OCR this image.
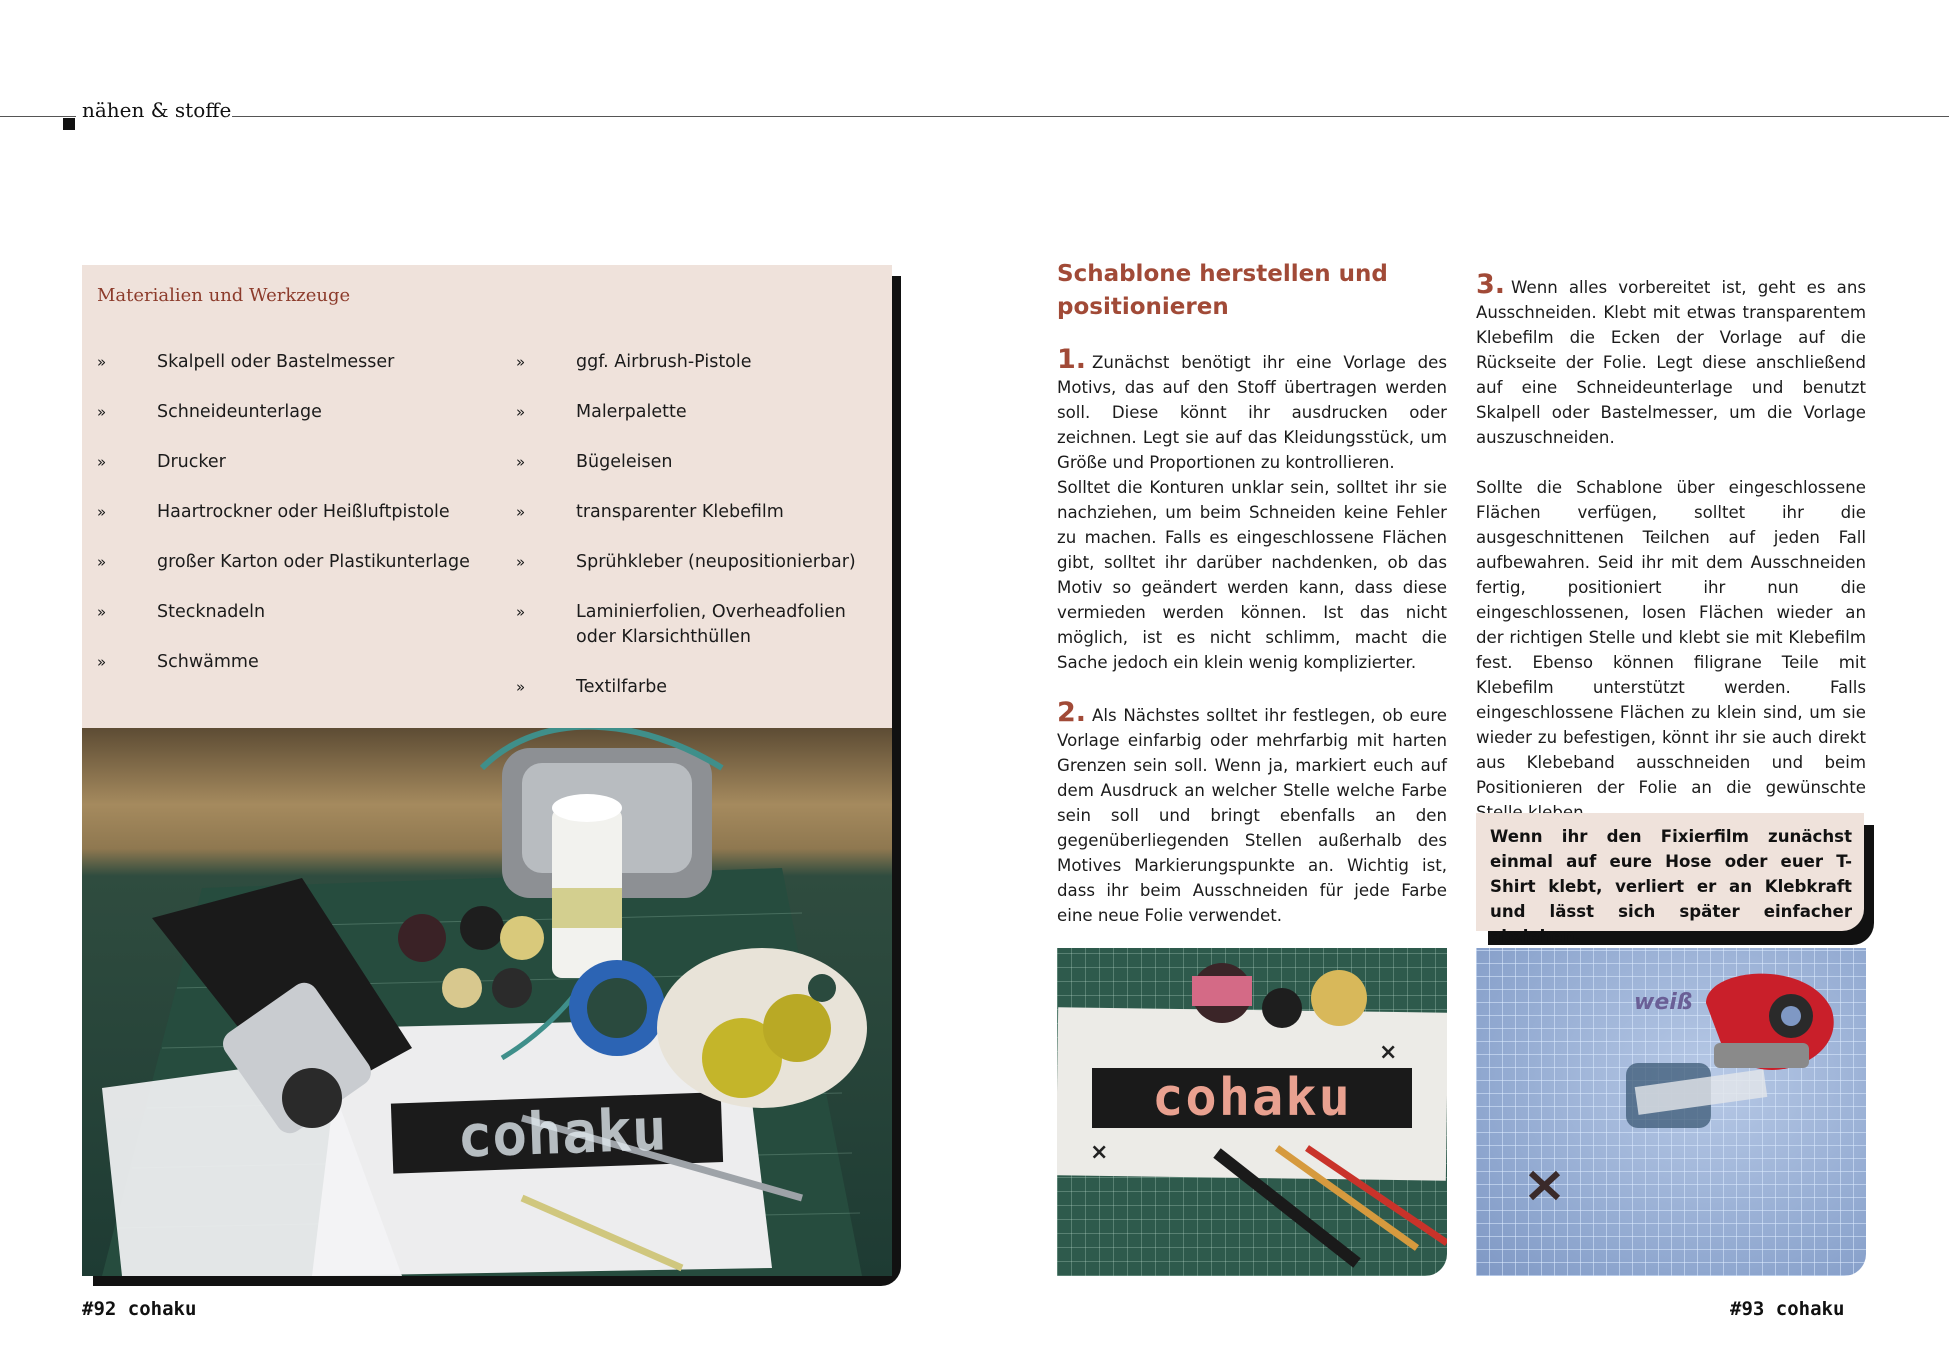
nähen & stoffe
Materialien und Werkzeuge
»	Skalpell oder Bastelmesser
»	Schneideunterlage
»	Drucker
»	Haartrockner oder Heißluftpistole
»	großer Karton oder Plastikunterlage
»	Stecknadeln
»	Schwämme
»	ggf. Airbrush-Pistole
»	Malerpalette
»	Bügeleisen
»	transparenter Klebefilm
»	Sprühkleber (neupositionierbar)
»	Laminierfolien, Overheadfolien oder Klarsichthüllen
»	Textilfarbe
cohaku
Schablone herstellen und positionieren

1. Zunächst benötigt ihr eine Vorlage des Motivs, das auf den Stoff übertragen werden soll. Diese könnt ihr ausdrucken oder zeichnen. Legt sie auf das Kleidungsstück, um Größe und Proportionen zu kontrollieren.

Solltet die Konturen unklar sein, solltet ihr sie nachziehen, um beim Schneiden keine Fehler zu machen. Falls es eingeschlossene Flächen gibt, solltet ihr darüber nachdenken, ob das Motiv so geändert werden kann, dass diese vermieden werden können. Ist das nicht möglich, ist es nicht schlimm, macht die Sache jedoch ein klein wenig komplizierter.

2. Als Nächstes solltet ihr festlegen, ob eure Vorlage einfarbig oder mehrfarbig mit harten Grenzen sein soll. Wenn ja, markiert euch auf dem Ausdruck an welcher Stelle welche Farbe sein soll und bringt ebenfalls an den gegenüberliegenden Stellen außerhalb des Motives Markierungspunkte an. Wichtig ist, dass ihr beim Ausschneiden für jede Farbe eine neue Folie verwendet.

3. Wenn alles vorbereitet ist, geht es ans Ausschneiden. Klebt mit etwas transparentem Klebefilm die Ecken der Vorlage auf die Rückseite der Folie. Legt diese anschließend auf eine Schneideunterlage und benutzt Skalpell oder Bastelmesser, um die Vorlage auszuschneiden.

Sollte die Schablone über eingeschlossene Flächen verfügen, solltet ihr die ausgeschnittenen Teilchen auf jeden Fall aufbewahren. Seid ihr mit dem Ausschneiden fertig, positioniert ihr nun die eingeschlossenen, losen Flächen wieder an der richtigen Stelle und klebt sie mit Klebefilm fest. Ebenso können filigrane Teile mit Klebefilm unterstützt werden. Falls eingeschlossene Flächen zu klein sind, um sie wieder zu befestigen, könnt ihr sie auch direkt aus Klebeband ausschneiden und beim Positionieren der Folie an die gewünschte

Wenn ihr den Fixierfilm zunächst einmal auf eure Hose oder euer T-Shirt klebt, verliert er an Klebkraft und lässt sich später einfacher abziehen.
cohaku
×
×
weiß
#92 cohaku	#93 cohaku
